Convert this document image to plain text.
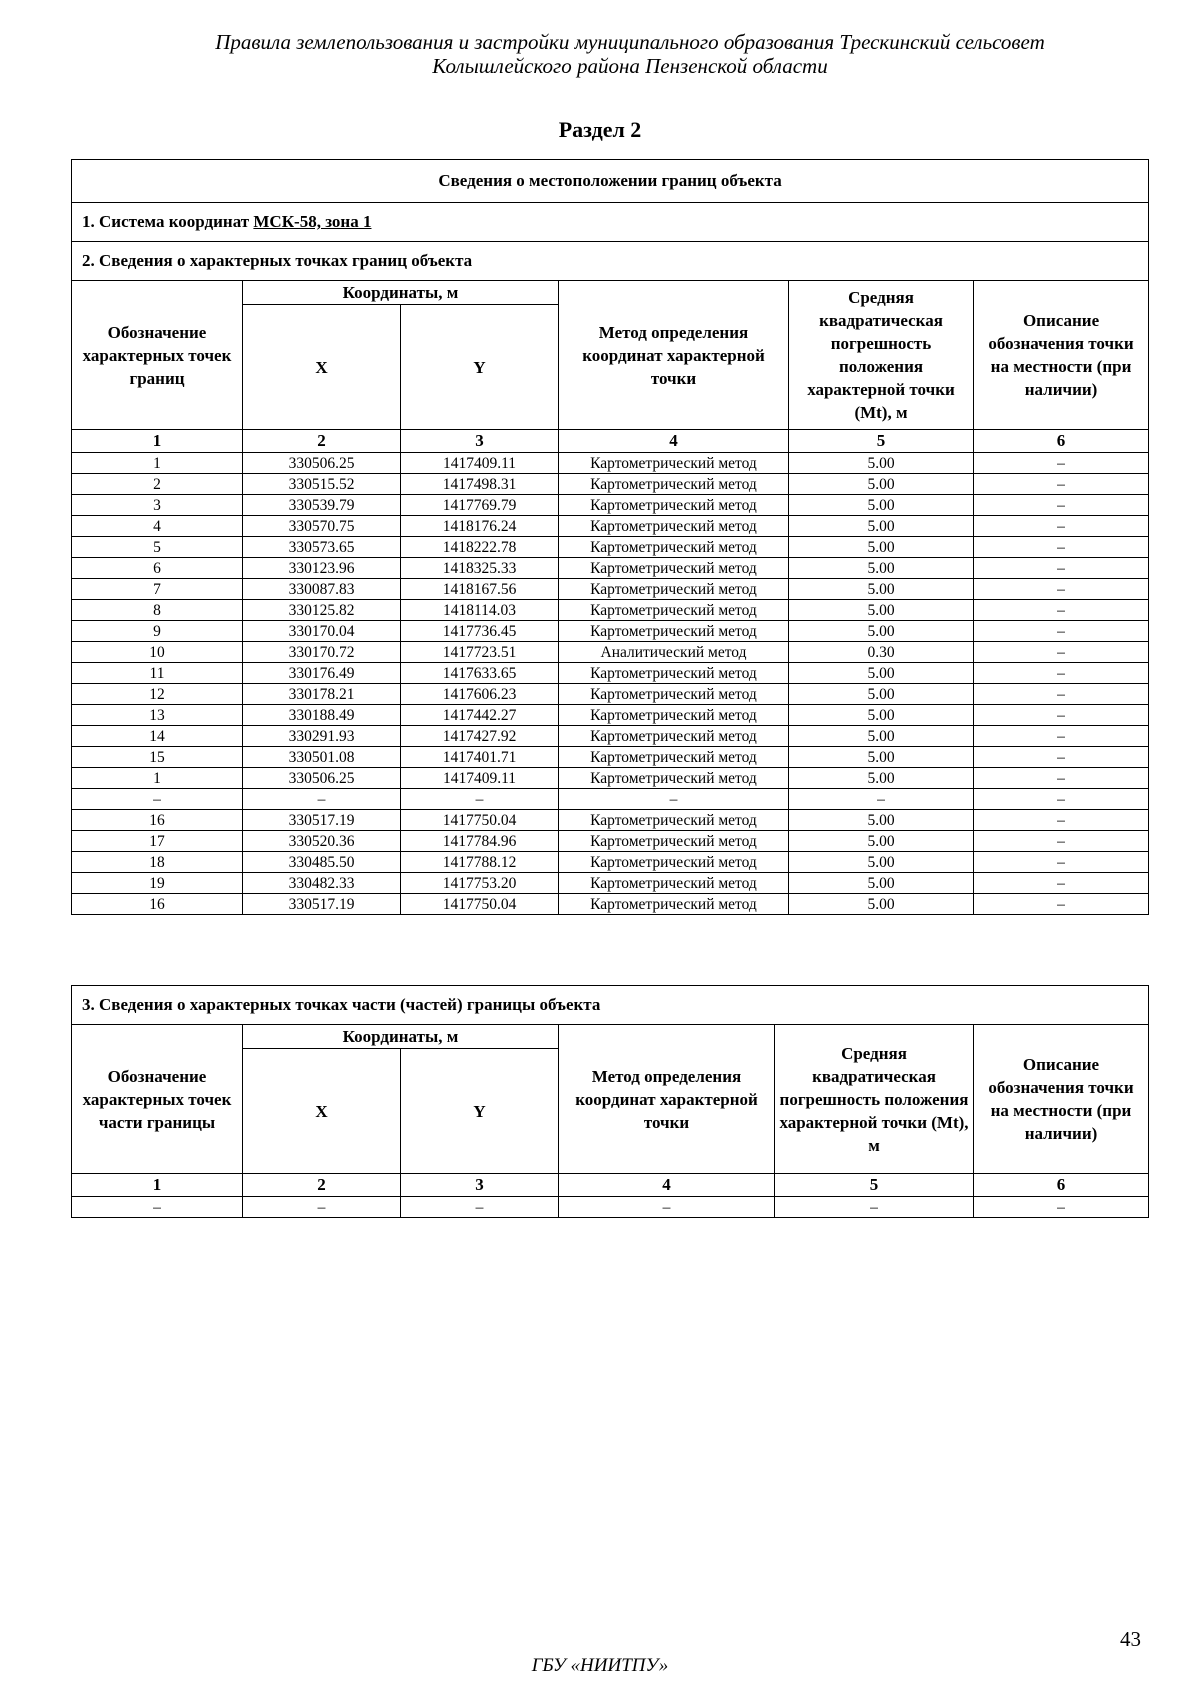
Правила землепользования и застройки муниципального образования Трескинский сельсовет
Колышлейского района Пензенской области
Раздел 2
Сведения о местоположении границ объекта					
1. Система координат МСК-58, зона 1					
2. Сведения о характерных точках границ объекта					
Обозначение характерных точек границ	Координаты, м		Метод определения координат характерной точки	Средняя квадратическая погрешность положения характерной точки (Mt), м	Описание обозначения точки на местности (при наличии)
	X	Y			
1	2	3	4	5	6
1	330506.25	1417409.11	Картометрический метод	5.00	–
2	330515.52	1417498.31	Картометрический метод	5.00	–
3	330539.79	1417769.79	Картометрический метод	5.00	–
4	330570.75	1418176.24	Картометрический метод	5.00	–
5	330573.65	1418222.78	Картометрический метод	5.00	–
6	330123.96	1418325.33	Картометрический метод	5.00	–
7	330087.83	1418167.56	Картометрический метод	5.00	–
8	330125.82	1418114.03	Картометрический метод	5.00	–
9	330170.04	1417736.45	Картометрический метод	5.00	–
10	330170.72	1417723.51	Аналитический метод	0.30	–
11	330176.49	1417633.65	Картометрический метод	5.00	–
12	330178.21	1417606.23	Картометрический метод	5.00	–
13	330188.49	1417442.27	Картометрический метод	5.00	–
14	330291.93	1417427.92	Картометрический метод	5.00	–
15	330501.08	1417401.71	Картометрический метод	5.00	–
1	330506.25	1417409.11	Картометрический метод	5.00	–
–	–	–	–	–	–
16	330517.19	1417750.04	Картометрический метод	5.00	–
17	330520.36	1417784.96	Картометрический метод	5.00	–
18	330485.50	1417788.12	Картометрический метод	5.00	–
19	330482.33	1417753.20	Картометрический метод	5.00	–
16	330517.19	1417750.04	Картометрический метод	5.00	–
3. Сведения о характерных точках части (частей) границы объекта					
Обозначение характерных точек части границы	Координаты, м		Метод определения координат характерной точки	Средняя квадратическая погрешность положения характерной точки (Mt), м	Описание обозначения точки на местности (при наличии)
	X	Y			
1	2	3	4	5	6
–	–	–	–	–	–
43
ГБУ «НИИТПУ»
